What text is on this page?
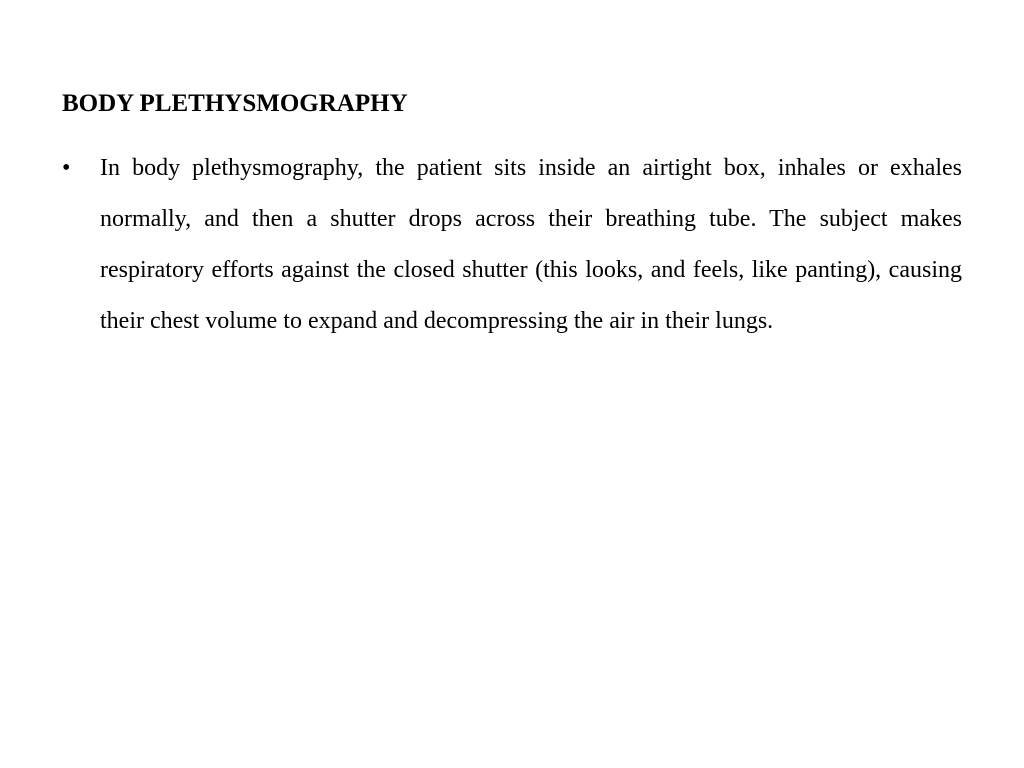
BODY PLETHYSMOGRAPHY
• In body plethysmography, the patient sits inside an airtight box, inhales or exhales normally, and then a shutter drops across their breathing tube. The subject makes respiratory efforts against the closed shutter (this looks, and feels, like panting), causing their chest volume to expand and decompressing the air in their lungs.
